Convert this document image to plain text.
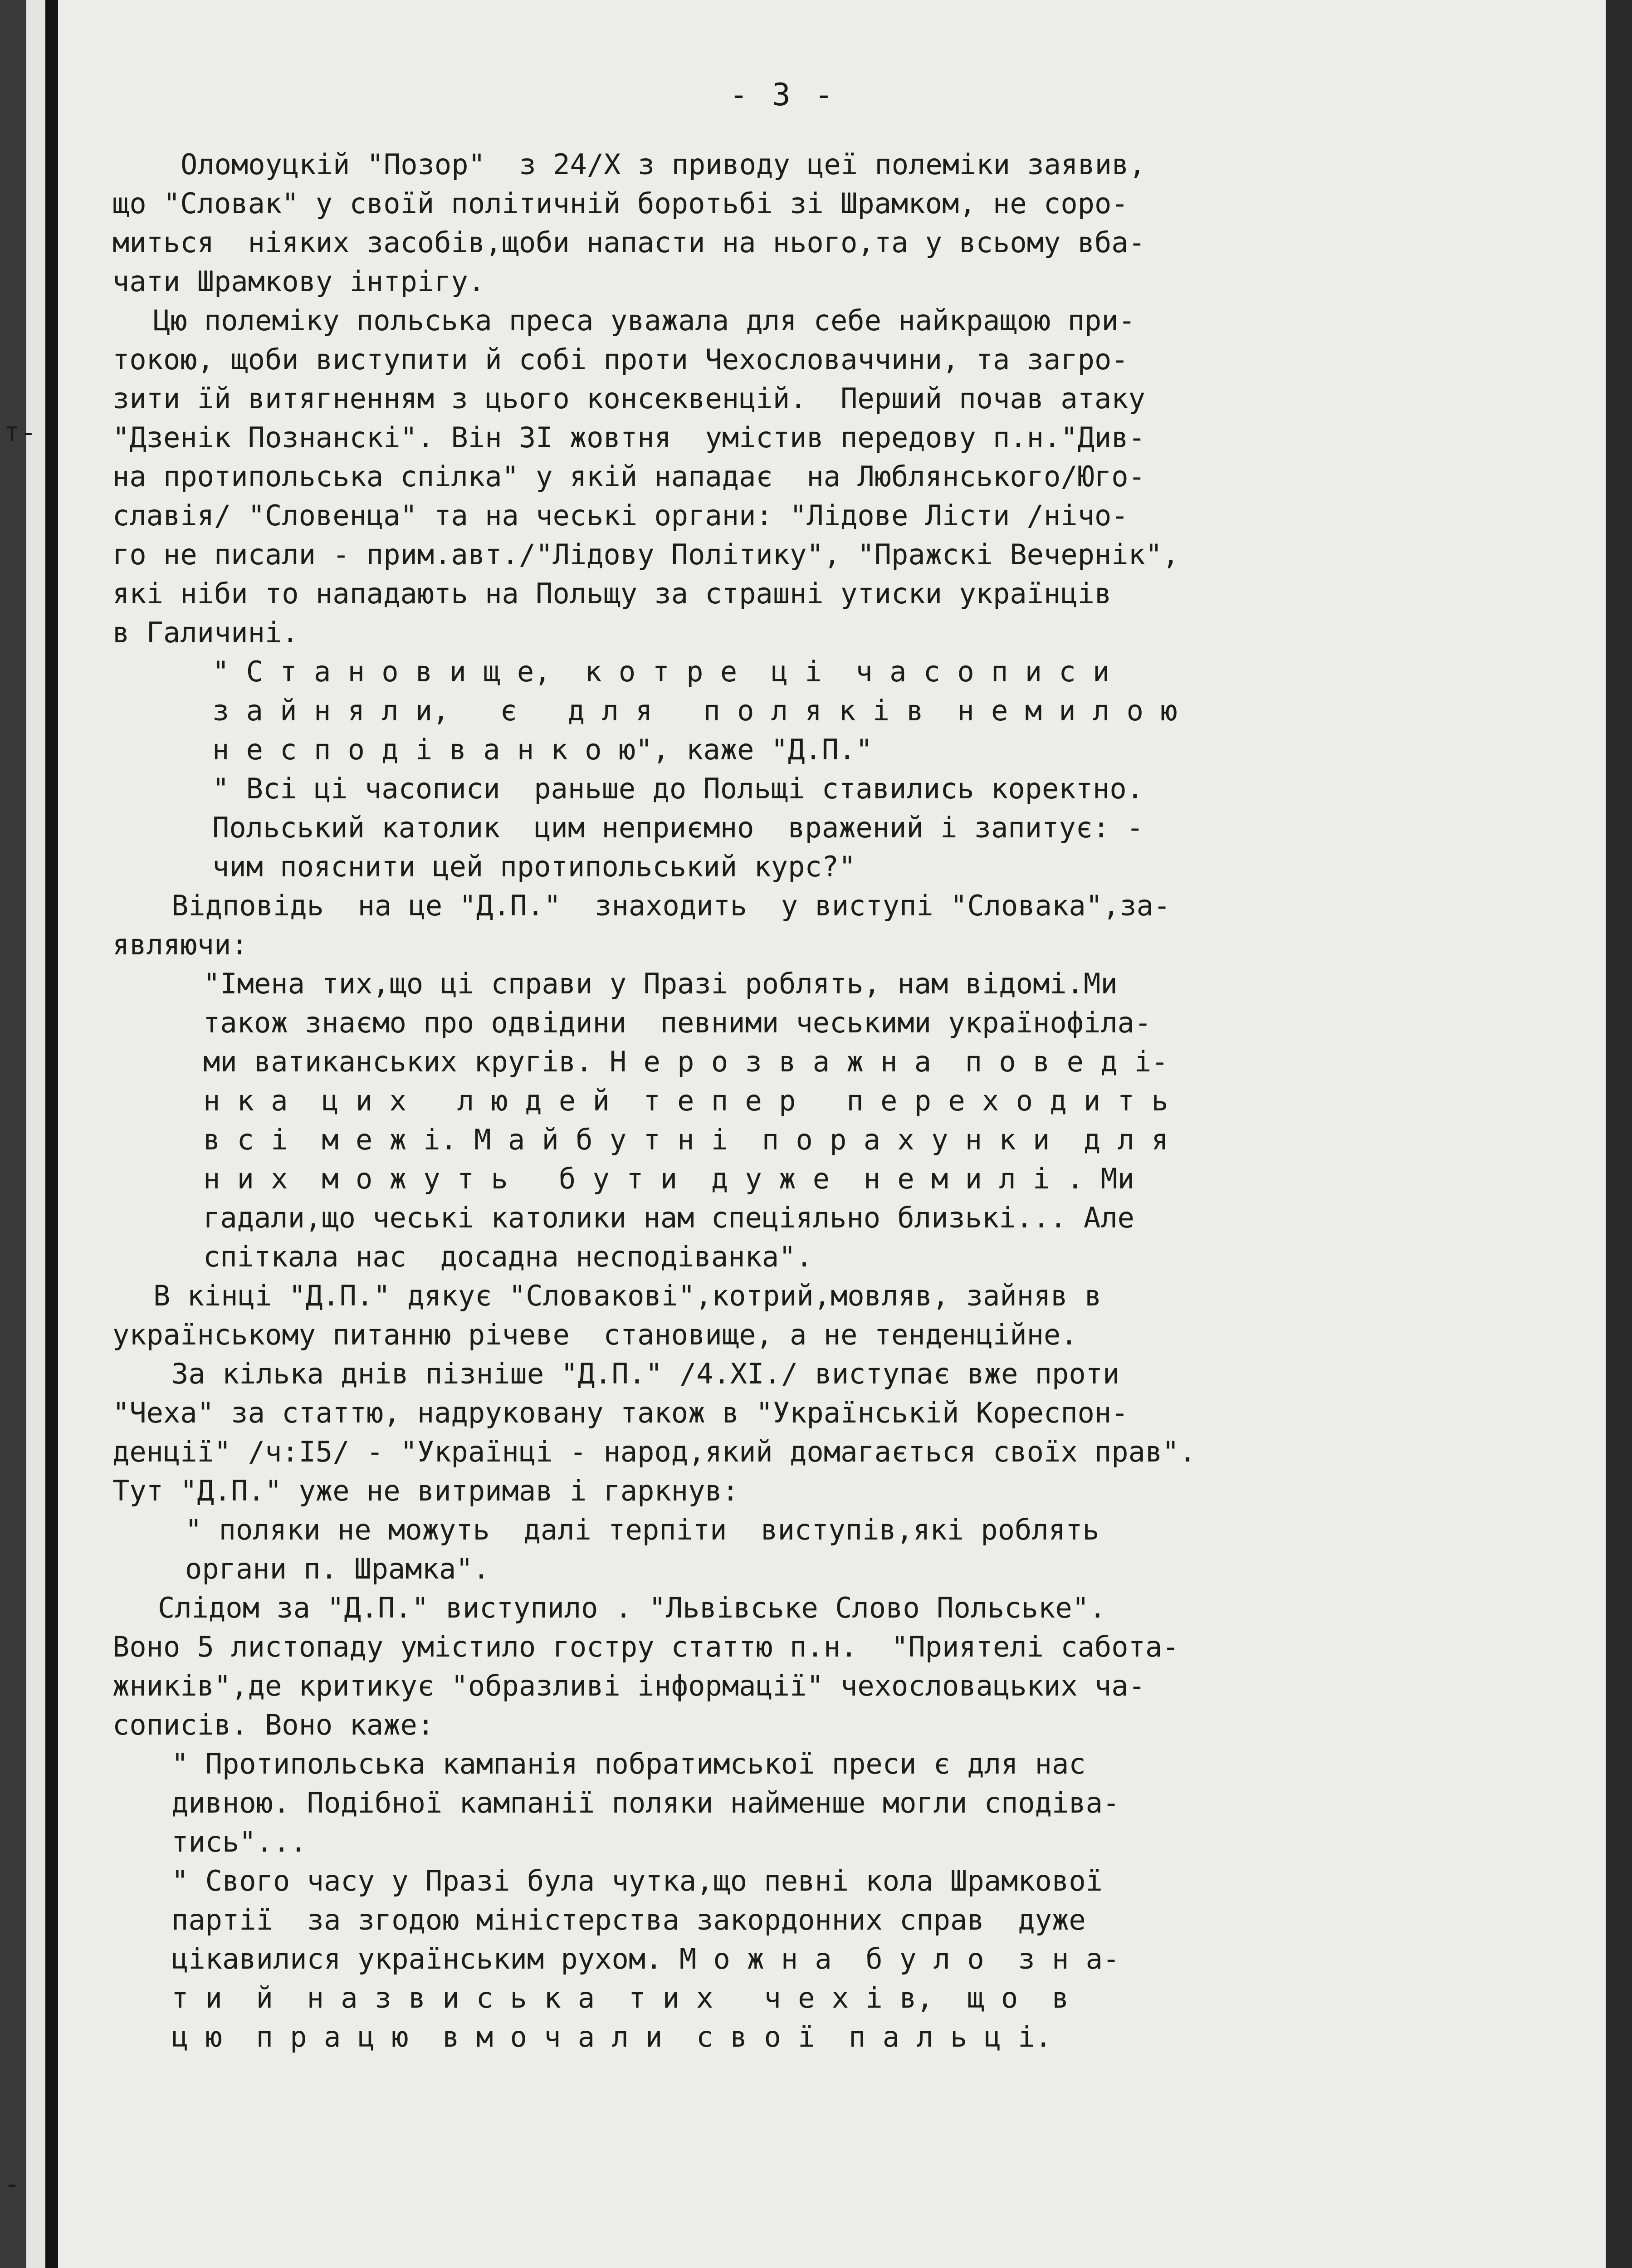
- 3 -
Оломоуцкій "Позор"  з 24/Х з приводу цеї полеміки заявив,
що "Словак" у своїй політичній боротьбі зі Шрамком, не соро-
миться  ніяких засобів,щоби напасти на нього,та у всьому вба-
чати Шрамкову інтрігу.
Цю полеміку польська преса уважала для себе найкращою при-
токою, щоби виступити й собі проти Чехословаччини, та загро-
зити їй витягненням з цього консеквенцій.  Перший почав атаку
"Дзенік Познанскі". Він 3І жовтня  умістив передову п.н."Див-
на протипольська спілка" у якій нападає  на Люблянського/Юго-
славія/ "Словенца" та на чеські органи: "Лідове Лісти /нічо-
го не писали - прим.авт./"Лідову Політику", "Пражскі Вечернік",
які ніби то нападають на Польщу за страшні утиски українців
в Галичині.
" С т а н о в и щ е,  к о т р е  ц і  ч а с о п и с и
з а й н я л и,   є   д л я   п о л я к і в  н е м и л о ю
н е с п о д і в а н к о ю", каже "Д.П."
" Всі ці часописи  раньше до Польщі ставились коректно.
Польський католик  цим неприємно  вражений і запитує: -
чим пояснити цей протипольський курс?"
Відповідь  на це "Д.П."  знаходить  у виступі "Словака",за-
являючи:
"Імена тих,що ці справи у Празі роблять, нам відомі.Ми
також знаємо про одвідини  певними чеськими українофіла-
ми ватиканських кругів. Н е р о з в а ж н а  п о в е д і-
н к а  ц и х   л ю д е й  т е п е р   п е р е х о д и т ь
в с і  м е ж і. М а й б у т н і  п о р а х у н к и  д л я
н и х  м о ж у т ь   б у т и  д у ж е  н е м и л і . Ми
гадали,що чеські католики нам спеціяльно близькі... Але
спіткала нас  досадна несподіванка".
В кінці "Д.П." дякує "Словакові",котрий,мовляв, зайняв в
українському питанню річеве  становище, а не тенденційне.
За кілька днів пізніше "Д.П." /4.ХІ./ виступає вже проти
"Чеха" за статтю, надруковану також в "Українській Кореспон-
денції" /ч:І5/ - "Українці - народ,який домагається своїх прав".
Тут "Д.П." уже не витримав і гаркнув:
" поляки не можуть  далі терпіти  виступів,які роблять
органи п. Шрамка".
Слідом за "Д.П." виступило . "Львівське Слово Польське".
Воно 5 листопаду умістило гостру статтю п.н.  "Приятелі саботa-
жників",де критикує "образливі інформації" чехословацьких ча-
сописів. Воно каже:
" Протипольська кампанія побратимської преси є для нас
дивною. Подібної кампанії поляки найменше могли сподіва-
тись"...
" Свого часу у Празі була чутка,що певні кола Шрамкової
партії  за згодою міністерства закордонних справ  дуже
цікавилися українським рухом. М о ж н а  б у л о  з н а-
т и  й  н а з в и с ь к а  т и х   ч е х і в,  щ о  в
ц ю  п р а ц ю  в м о ч а л и  с в о ї  п а л ь ц і.
т-
-
